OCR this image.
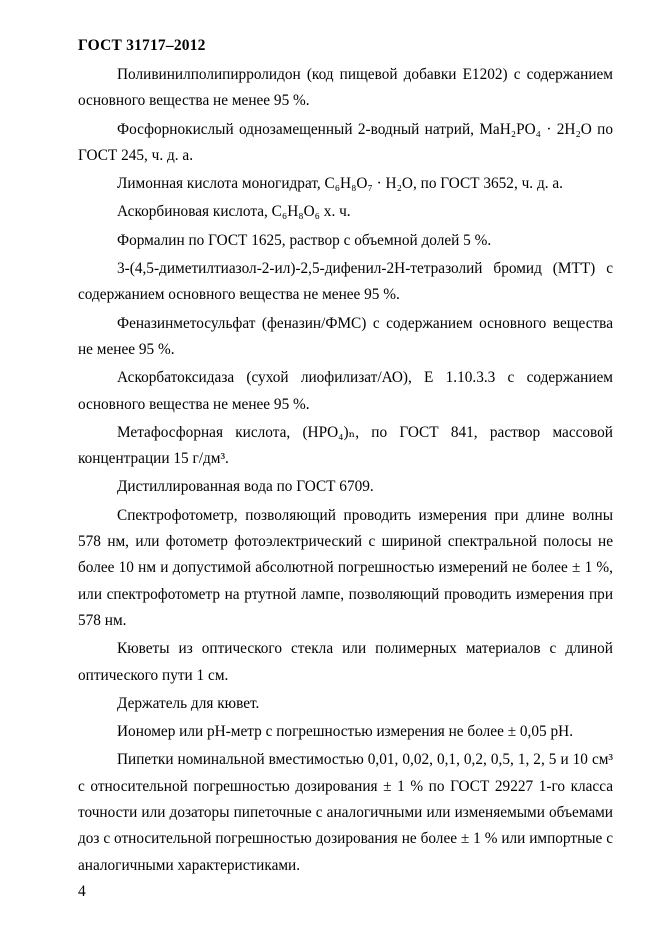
ГОСТ 31717–2012

Поливинилполипирролидон (код пищевой добавки Е1202) с содержанием основного вещества не менее 95 %.

Фосфорнокислый однозамещенный 2-водный натрий, MaH₂PO₄ · 2H₂O по ГОСТ 245, ч. д. а.

Лимонная кислота моногидрат, C₆H₈O₇ · H₂O, по ГОСТ 3652, ч. д. а.

Аскорбиновая кислота, C₆H₈O₆ х. ч.

Формалин по ГОСТ 1625, раствор с объемной долей 5 %.

3-(4,5-диметилтиазол-2-ил)-2,5-дифенил-2H-тетразолий бромид (МТТ) с содержанием основного вещества не менее 95 %.

Феназинметосульфат (феназин/ФМС) с содержанием основного вещества не менее 95 %.

Аскорбатоксидаза (сухой лиофилизат/АО), Е 1.10.3.3 с содержанием основного вещества не менее 95 %.

Метафосфорная кислота, (HPO₄)ₙ, по ГОСТ 841, раствор массовой концентрации 15 г/дм³.

Дистиллированная вода по ГОСТ 6709.

Спектрофотометр, позволяющий проводить измерения при длине волны 578 нм, или фотометр фотоэлектрический с шириной спектральной полосы не более 10 нм и допустимой абсолютной погрешностью измерений не более ± 1 %, или спектрофотометр на ртутной лампе, позволяющий проводить измерения при 578 нм.

Кюветы из оптического стекла или полимерных материалов с длиной оптического пути 1 см.

Держатель для кювет.

Иономер или pH-метр с погрешностью измерения не более ± 0,05 pH.

Пипетки номинальной вместимостью 0,01, 0,02, 0,1, 0,2, 0,5, 1, 2, 5 и 10 см³ с относительной погрешностью дозирования ± 1 % по ГОСТ 29227 1-го класса точности или дозаторы пипеточные с аналогичными или изменяемыми объемами доз с относительной погрешностью дозирования не более ± 1 % или импортные с аналогичными характеристиками.

4
